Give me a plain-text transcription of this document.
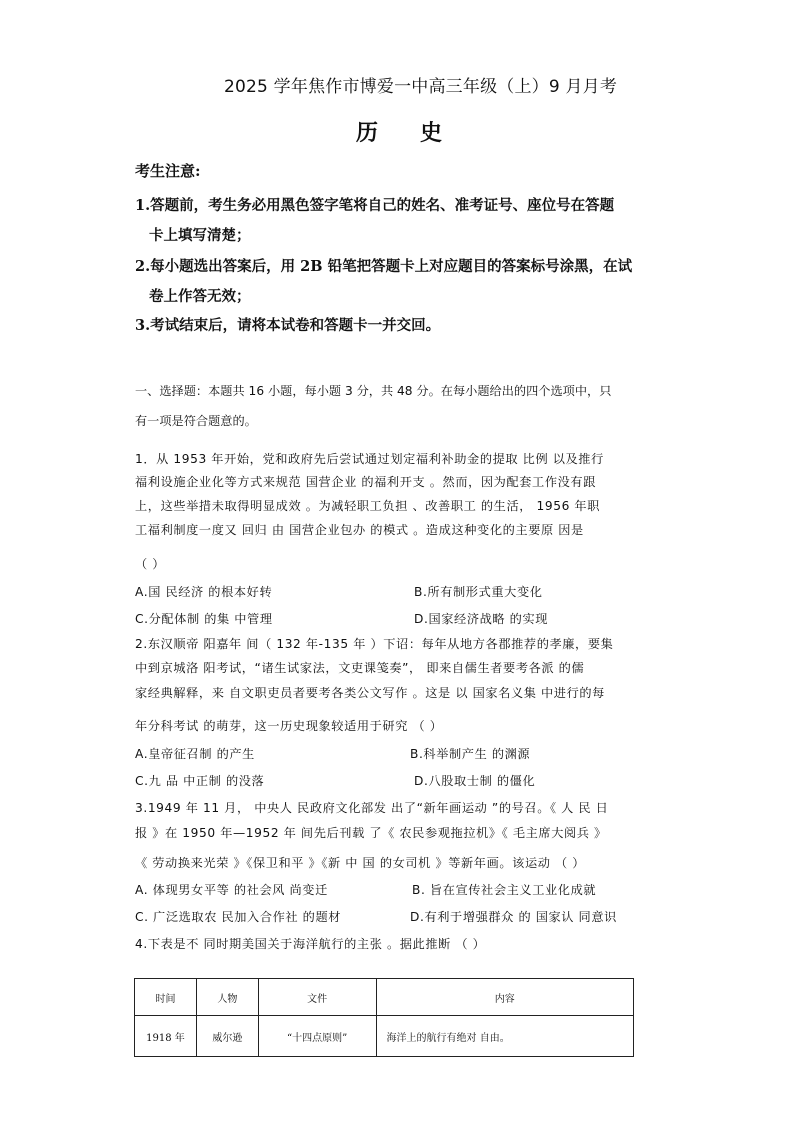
2025 学年焦作市博爱一中高三年级（上）9 月月考
历史
考生注意:
1.答题前，考生务必用黑色签字笔将自己的姓名、准考证号、座位号在答题
卡上填写清楚；
2.每小题选出答案后，用 2B 铅笔把答题卡上对应题目的答案标号涂黑，在试
卷上作答无效；
3.考试结束后，请将本试卷和答题卡一并交回。
一、选择题：本题共 16 小题，每小题 3 分，共 48 分。在每小题给出的四个选项中，只
有一项是符合题意的。
1．从 1953 年开始，党和政府先后尝试通过划定福利补助金的提取 比例 以及推行
福利设施企业化等方式来规范 国营企业 的福利开支 。然而，因为配套工作没有跟
上，这些举措未取得明显成效 。为减轻职工负担 、改善职工 的生活， 1956 年职
工福利制度一度又 回归 由 国营企业包办 的模式 。造成这种变化的主要原 因是
（ ）
A.国 民经济 的根本好转	B.所有制形式重大变化
C.分配体制 的集 中管理	D.国家经济战略 的实现
2.东汉顺帝 阳嘉年 间（ 132 年-135 年 ）下诏：每年从地方各郡推荐的孝廉，要集
中到京城洛 阳考试，“诸生试家法，文吏课笺奏”， 即来自儒生者要考各派 的儒
家经典解释，来 自文职吏员者要考各类公文写作 。这是 以 国家名义集 中进行的每
年分科考试 的萌芽，这一历史现象较适用于研究 （ ）
A.皇帝征召制 的产生	B.科举制产生 的渊源
C.九 品 中正制 的没落	D.八股取士制 的僵化
3.1949 年 11 月， 中央人 民政府文化部发 出了“新年画运动 ”的号召。《 人 民 日
报 》在 1950 年—1952 年 间先后刊载 了《 农民参观拖拉机》《 毛主席大阅兵 》
《 劳动换来光荣 》《保卫和平 》《新 中 国 的女司机 》等新年画。该运动 （ ）
A. 体现男女平等 的社会风 尚变迁	B. 旨在宣传社会主义工业化成就
C. 广泛选取农 民加入合作社 的题材	D.有利于增强群众 的 国家认 同意识
4.下表是不 同时期美国关于海洋航行的主张 。据此推断 （ ）
时间	人物	文件	内容
1918 年	威尔逊	“十四点原则”	海洋上的航行有绝对 自由。
